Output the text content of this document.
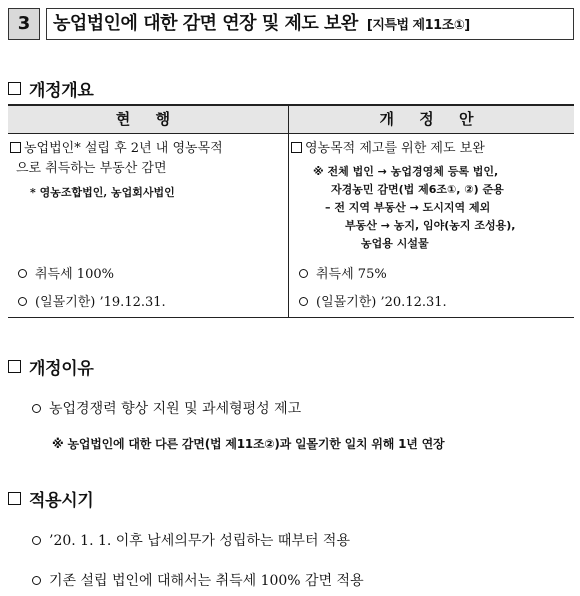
3	농업법인에 대한 감면 연장 및 제도 보완 [지특법 제11조①]
개정개요
현 행	개 정 안
농업법인* 설립 후 2년 내 영농목적
으로 취득하는 부동산 감면
* 영농조합법인, 농업회사법인
취득세 100%
(일몰기한) ’19.12.31.
영농목적 제고를 위한 제도 보완
※ 전체 법인 → 농업경영체 등록 법인,
자경농민 감면(법 제6조①, ②) 준용
– 전 지역 부동산 → 도시지역 제외
부동산 → 농지, 임야(농지 조성용),
농업용 시설물
취득세 75%
(일몰기한) ’20.12.31.
개정이유
농업경쟁력 향상 지원 및 과세형평성 제고
※ 농업법인에 대한 다른 감면(법 제11조②)과 일몰기한 일치 위해 1년 연장
적용시기
’20. 1. 1. 이후 납세의무가 성립하는 때부터 적용
기존 설립 법인에 대해서는 취득세 100% 감면 적용
